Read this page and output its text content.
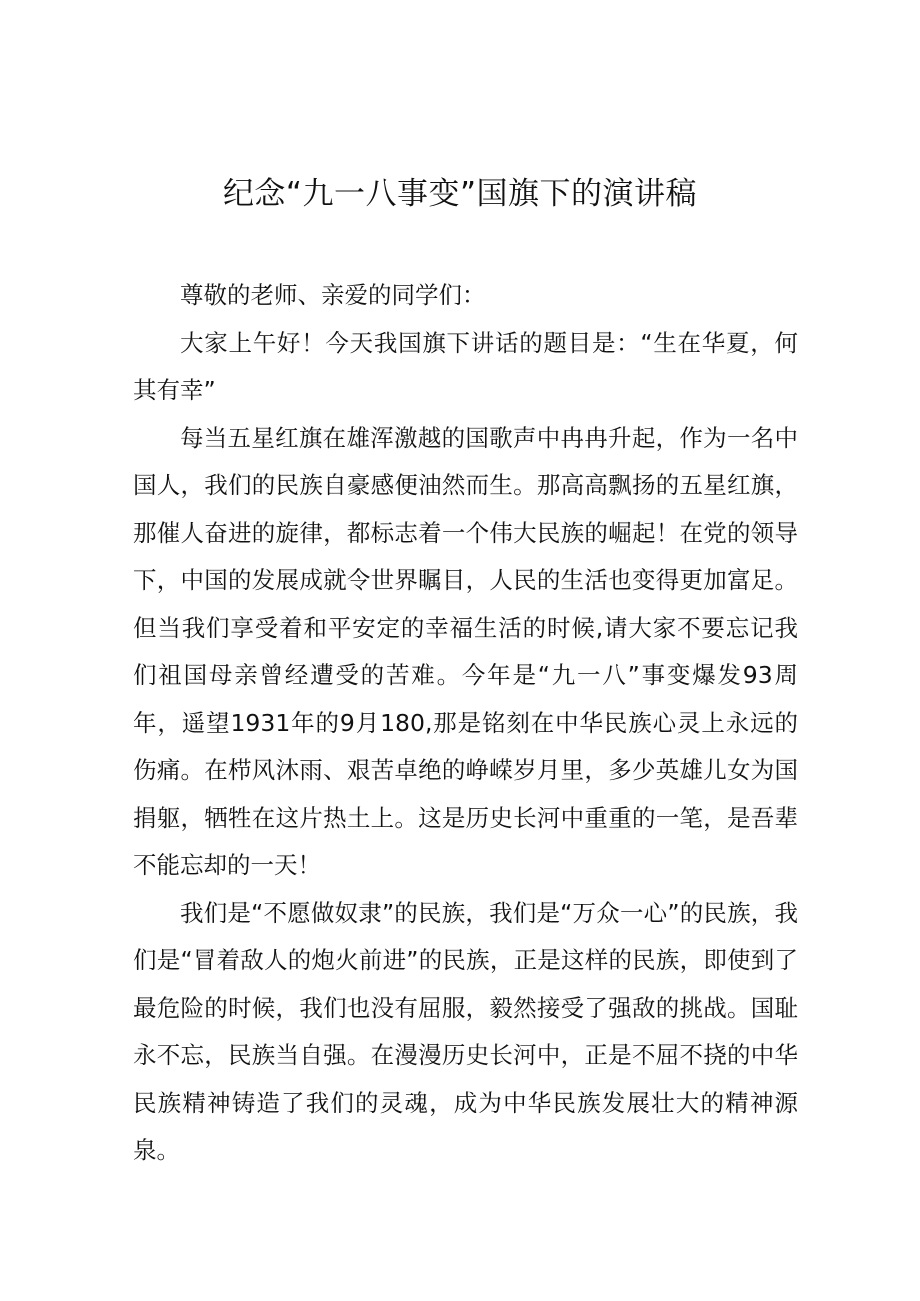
纪念“九一八事变”国旗下的演讲稿

尊敬的老师、亲爱的同学们：

大家上午好！今天我国旗下讲话的题目是：“生在华夏，何其有幸”

每当五星红旗在雄浑激越的国歌声中冉冉升起，作为一名中国人，我们的民族自豪感便油然而生。那高高飘扬的五星红旗，那催人奋进的旋律，都标志着一个伟大民族的崛起！在党的领导下，中国的发展成就令世界瞩目，人民的生活也变得更加富足。但当我们享受着和平安定的幸福生活的时候,请大家不要忘记我们祖国母亲曾经遭受的苦难。今年是“九一八”事变爆发93周年，遥望1931年的9月180,那是铭刻在中华民族心灵上永远的伤痛。在栉风沐雨、艰苦卓绝的峥嵘岁月里，多少英雄儿女为国捐躯，牺牲在这片热土上。这是历史长河中重重的一笔，是吾辈不能忘却的一天！

我们是“不愿做奴隶”的民族，我们是“万众一心”的民族，我们是“冒着敌人的炮火前进”的民族，正是这样的民族，即使到了最危险的时候，我们也没有屈服，毅然接受了强敌的挑战。国耻永不忘，民族当自强。在漫漫历史长河中，正是不屈不挠的中华民族精神铸造了我们的灵魂，成为中华民族发展壮大的精神源泉。
